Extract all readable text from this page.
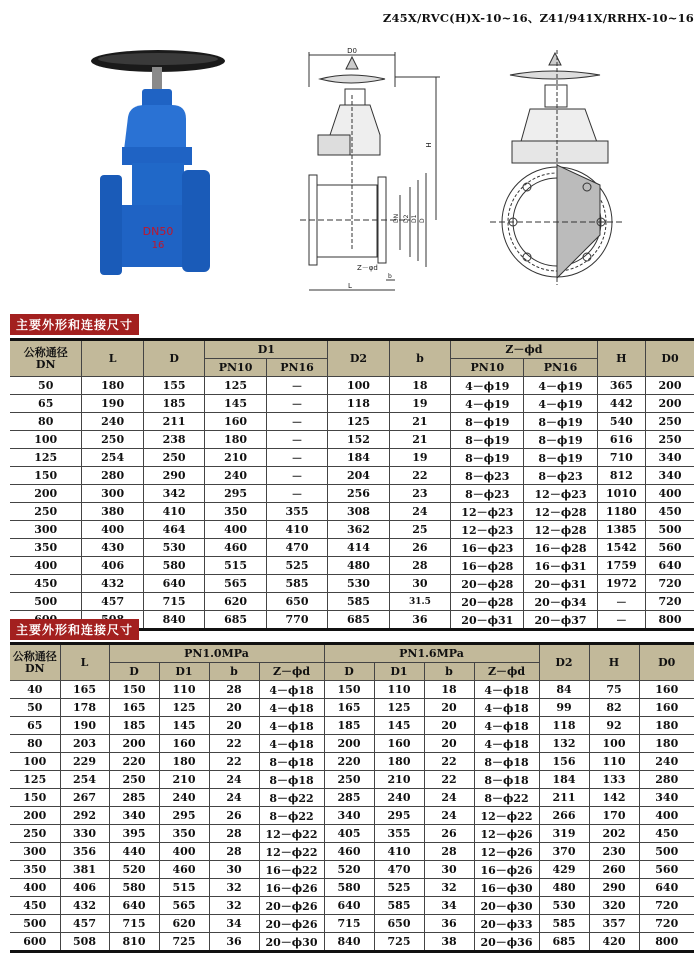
Z45X/RVC(H)X-10~16、Z41/941X/RRHX-10~16
DN50
16
D0
H
DN D2 D1 D
Z－φd
L
b
主要外形和连接尺寸
公称通径
DN	L	D	D1		D2	b	Z－ϕd		H	D0
			PN10	PN16			PN10	PN16		
50	180	155	125	－	100	18	4－ϕ19	4－ϕ19	365	200
65	190	185	145	－	118	19	4－ϕ19	4－ϕ19	442	200
80	240	211	160	－	125	21	8－ϕ19	8－ϕ19	540	250
100	250	238	180	－	152	21	8－ϕ19	8－ϕ19	616	250
125	254	250	210	－	184	19	8－ϕ19	8－ϕ19	710	340
150	280	290	240	－	204	22	8－ϕ23	8－ϕ23	812	340
200	300	342	295	－	256	23	8－ϕ23	12－ϕ23	1010	400
250	380	410	350	355	308	24	12－ϕ23	12－ϕ28	1180	450
300	400	464	400	410	362	25	12－ϕ23	12－ϕ28	1385	500
350	430	530	460	470	414	26	16－ϕ23	16－ϕ28	1542	560
400	406	580	515	525	480	28	16－ϕ28	16－ϕ31	1759	640
450	432	640	565	585	530	30	20－ϕ28	20－ϕ31	1972	720
500	457	715	620	650	585	31.5	20－ϕ28	20－ϕ34	－	720
		840	685	770	685	36	20－ϕ31	20－ϕ37	－	800
主要外形和连接尺寸
公称通径
DN	L	PN1.0MPa				PN1.6MPa				D2	H	D0
		D	D1	b	Z－ϕd	D	D1	b	Z－ϕd			
40	165	150	110	28	4－ϕ18	150	110	18	4－ϕ18	84	75	160
50	178	165	125	20	4－ϕ18	165	125	20	4－ϕ18	99	82	160
65	190	185	145	20	4－ϕ18	185	145	20	4－ϕ18	118	92	180
80	203	200	160	22	4－ϕ18	200	160	20	4－ϕ18	132	100	180
100	229	220	180	22	8－ϕ18	220	180	22	8－ϕ18	156	110	240
125	254	250	210	24	8－ϕ18	250	210	22	8－ϕ18	184	133	280
150	267	285	240	24	8－ϕ22	285	240	24	8－ϕ22	211	142	340
200	292	340	295	26	8－ϕ22	340	295	24	12－ϕ22	266	170	400
250	330	395	350	28	12－ϕ22	405	355	26	12－ϕ26	319	202	450
300	356	440	400	28	12－ϕ22	460	410	28	12－ϕ26	370	230	500
350	381	520	460	30	16－ϕ22	520	470	30	16－ϕ26	429	260	560
400	406	580	515	32	16－ϕ26	580	525	32	16－ϕ30	480	290	640
450	432	640	565	32	20－ϕ26	640	585	34	20－ϕ30	530	320	720
500	457	715	620	34	20－ϕ26	715	650	36	20－ϕ33	585	357	720
600	508	810	725	36	20－ϕ30	840	725	38	20－ϕ36	685	420	800
